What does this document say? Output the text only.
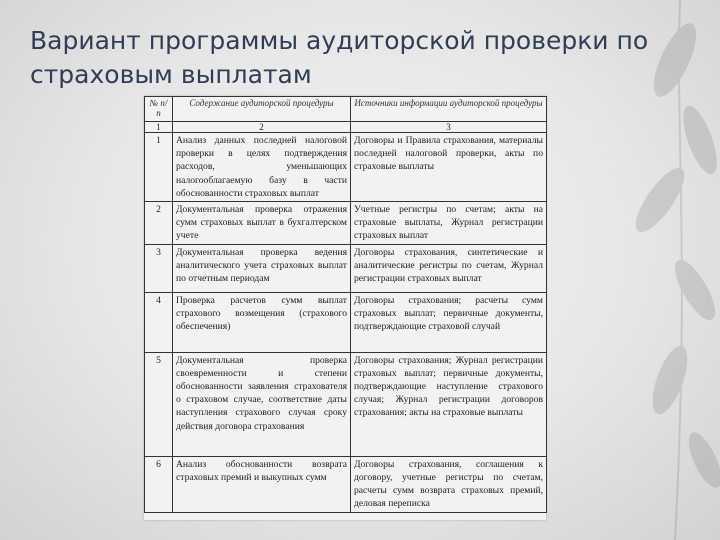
Вариант программы аудиторской проверки по страховым выплатам
№ п/п	Содержание аудиторской процедуры	Источники информации аудиторской процедуры
1	2	3
1	Анализ данных последней налоговой проверки в целях подтверждения расходов, уменьшающих налогооблагаемую базу в части обоснованности страховых выплат	Договоры и Правила страхования, материалы последней налоговой проверки, акты по страховые выплаты
2	Документальная проверка отражения сумм страховых выплат в бухгалтерском учете	Учетные регистры по счетам; акты на страховые выплаты, Журнал регистрации страховых выплат
3	Документальная проверка ведения аналитического учета страховых выплат по отчетным периодам	Договоры страхования, синтетические и аналитические регистры по счетам, Журнал регистрации страховых выплат
4	Проверка расчетов сумм выплат страхового возмещения (страхового обеспечения)	Договоры страхования; расчеты сумм страховых выплат; первичные документы, подтверждающие страховой случай
5	Документальная проверка своевременности и степени обоснованности заявления страхователя о страховом случае, соответствие даты наступления страхового случая сроку действия договора страхования	Договоры страхования; Журнал регистрации страховых выплат; первичные документы, подтверждающие наступление страхового случая; Журнал регистрации договоров страхования; акты на страховые выплаты
6	Анализ обоснованности возврата страховых премий и выкупных сумм	Договоры страхования, соглашения к договору, учетные регистры по счетам, расчеты сумм возврата страховых премий, деловая переписка
